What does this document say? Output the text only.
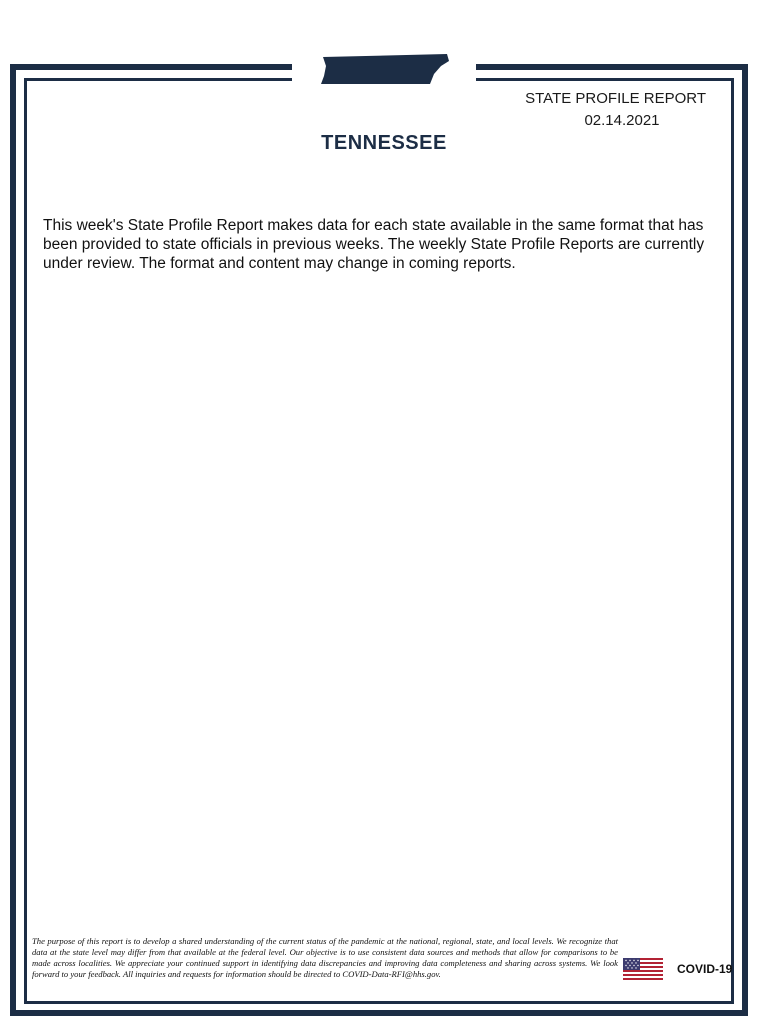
STATE PROFILE REPORT
02.14.2021
TENNESSEE
This week's State Profile Report makes data for each state available in the same format that has been provided to state officials in previous weeks. The weekly State Profile Reports are currently under review. The format and content may change in coming reports.
The purpose of this report is to develop a shared understanding of the current status of the pandemic at the national, regional, state, and local levels. We recognize that data at the state level may differ from that available at the federal level. Our objective is to use consistent data sources and methods that allow for comparisons to be made across localities. We appreciate your continued support in identifying data discrepancies and improving data completeness and sharing across systems. We look forward to your feedback. All inquiries and requests for information should be directed to COVID-Data-RFI@hhs.gov.	COVID-19
